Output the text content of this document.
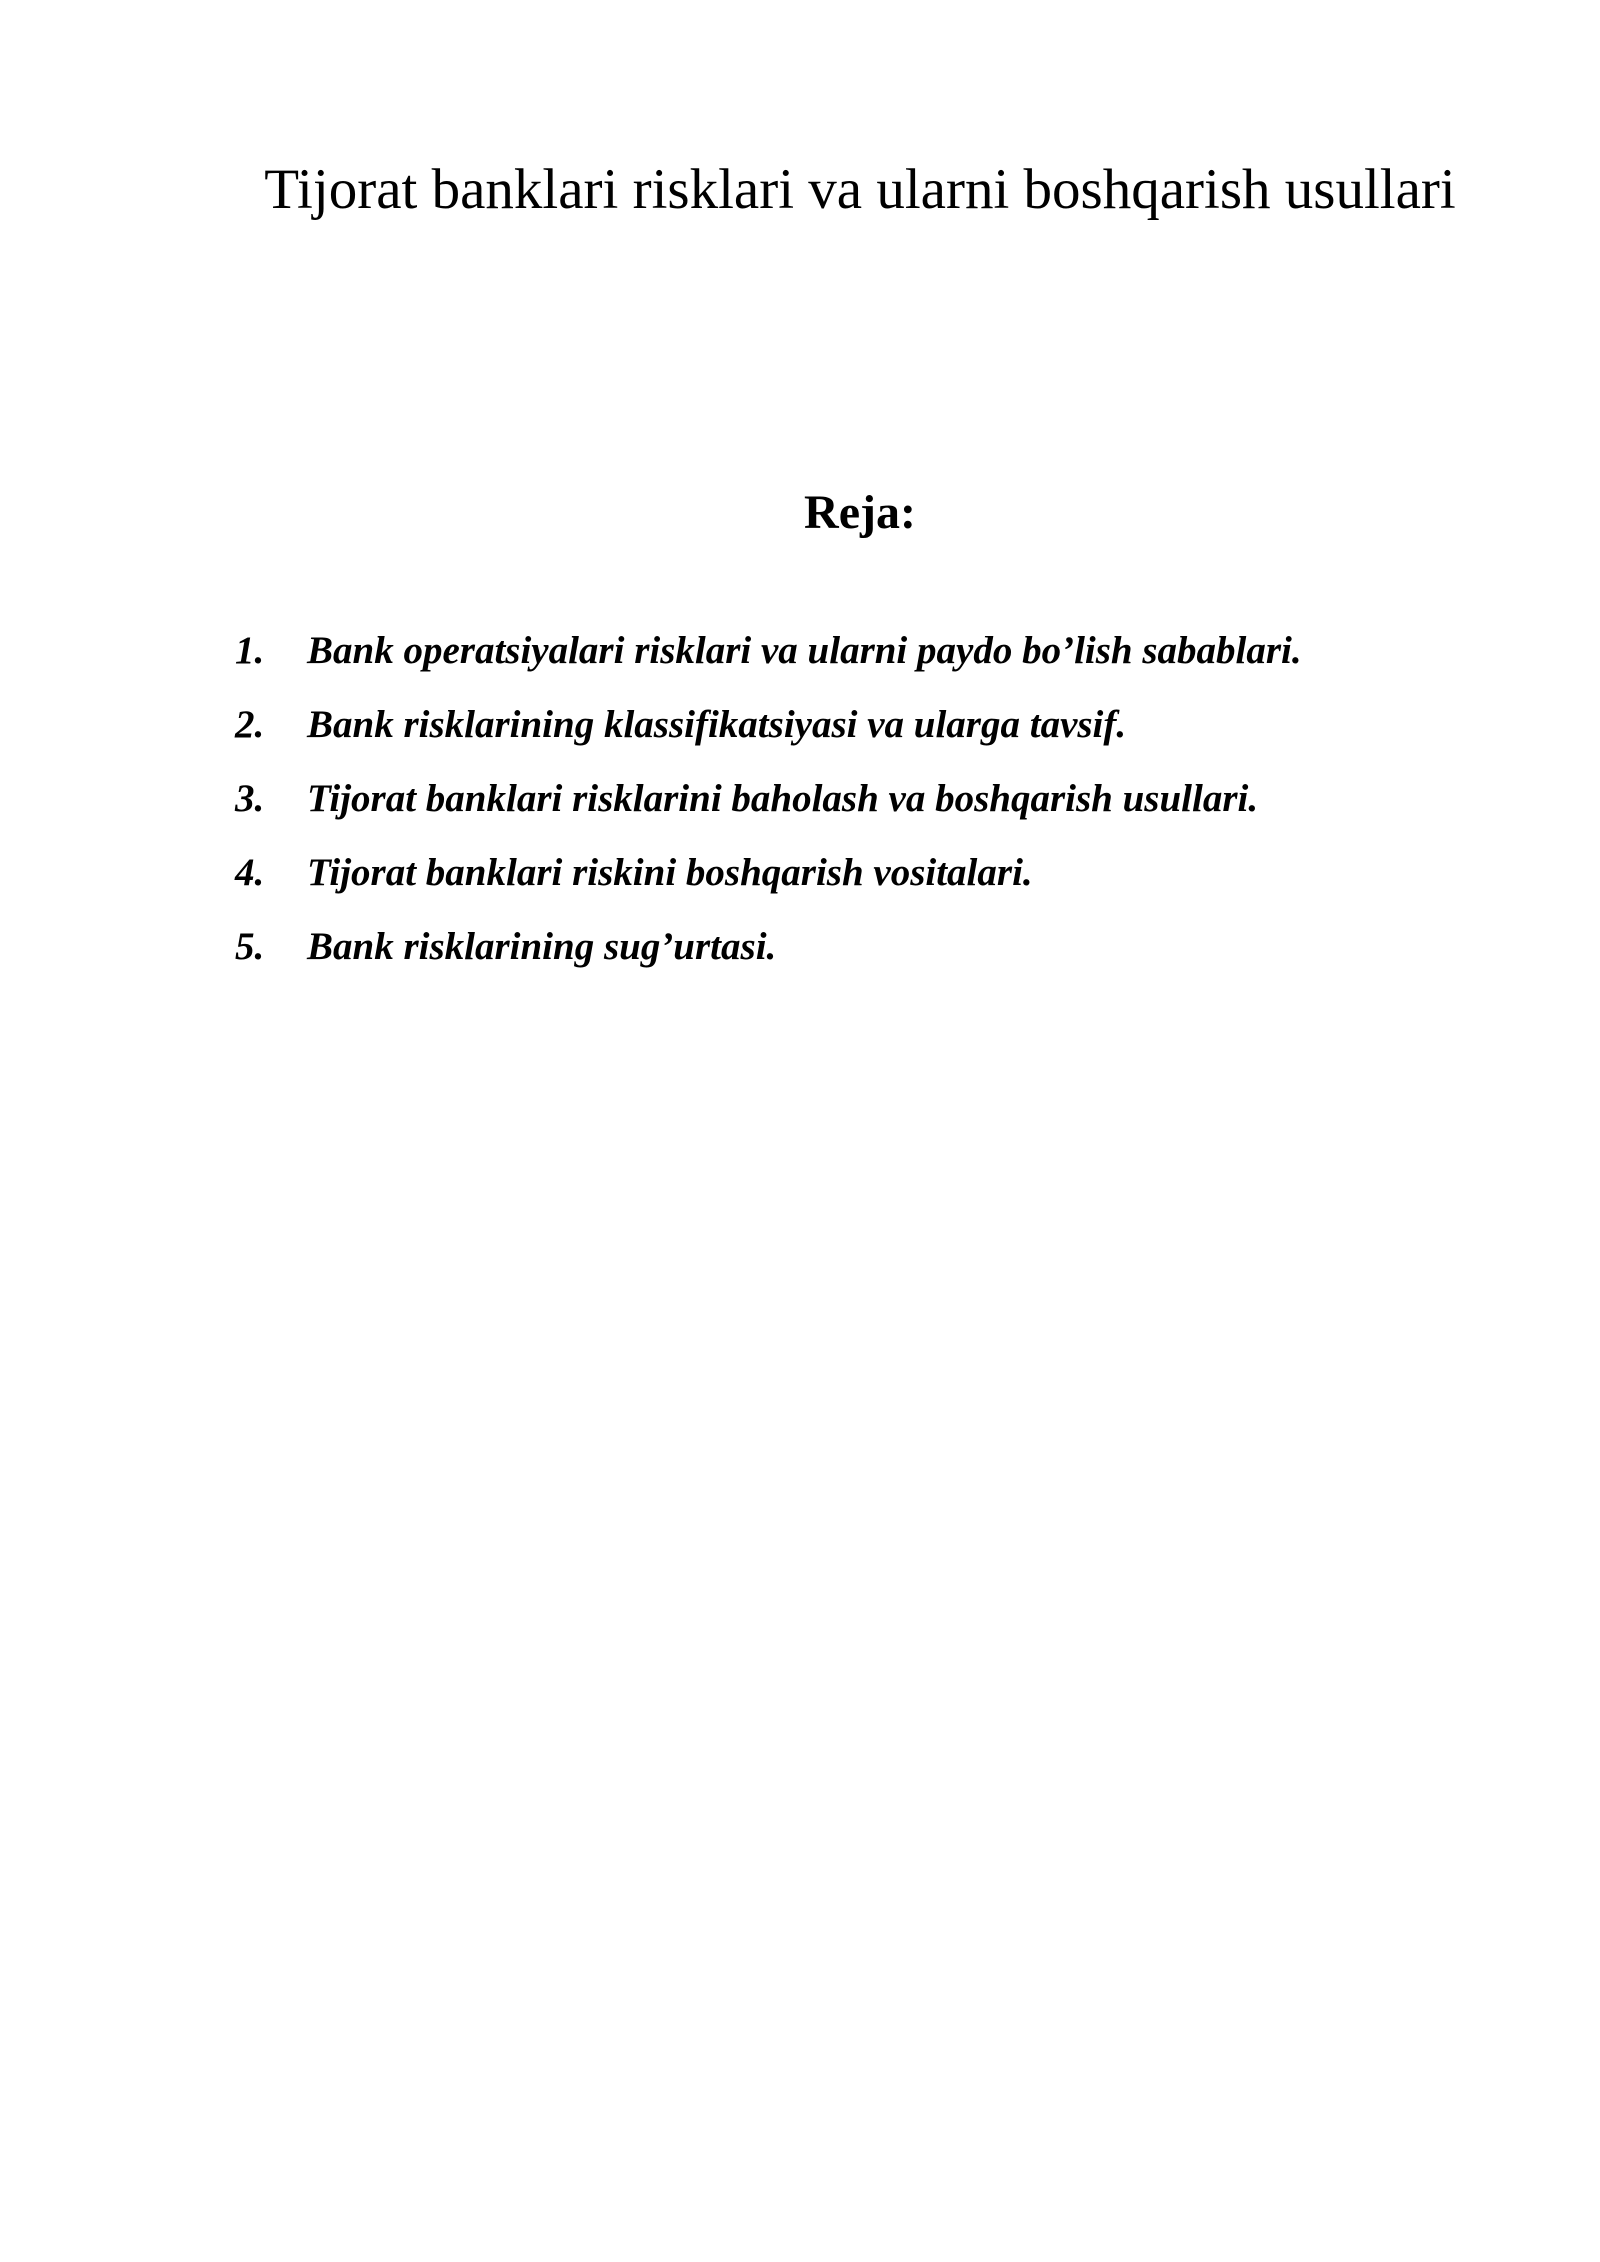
Tijorat banklari risklari va ularni boshqarish usullari
Reja:
1.	Bank operatsiyalari risklari va ularni paydo bo’lish sabablari.
2.	Bank risklarining klassifikatsiyasi va ularga tavsif.
3.	Tijorat banklari risklarini baholash va boshqarish usullari.
4.	Tijorat banklari riskini boshqarish vositalari.
5.	Bank risklarining sug’urtasi.
